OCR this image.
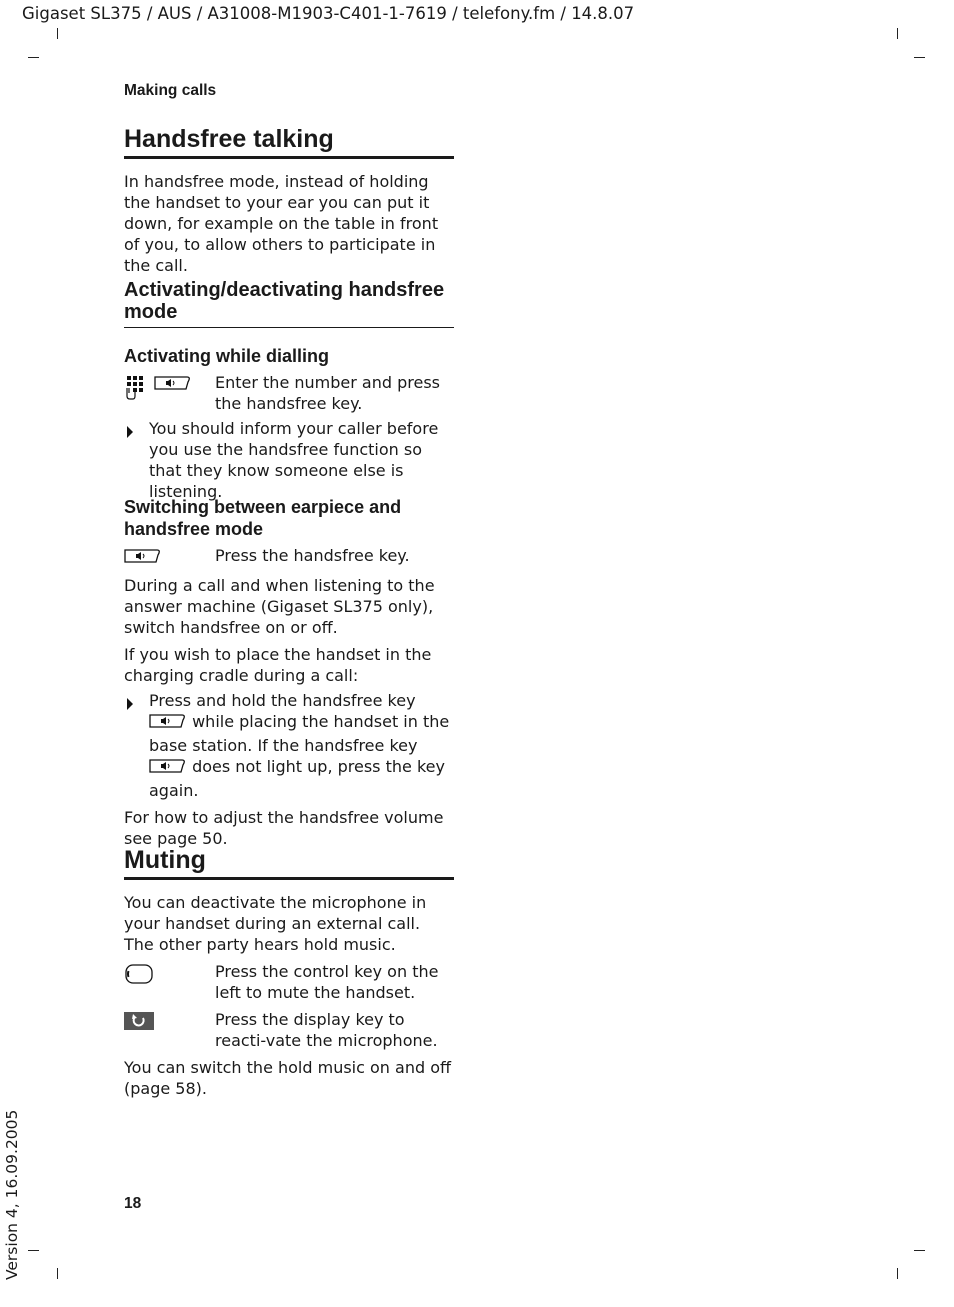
Gigaset SL375 / AUS / A31008-M1903-C401-1-7619 / telefony.fm / 14.8.07
Version 4, 16.09.2005
Making calls
Handsfree talking

In handsfree mode, instead of holding the handset to your ear you can put it down, for example on the table in front of you, to allow others to participate in the call.

Activating/deactivating handsfree mode
Activating while dialling

Enter the number and press the handsfree key.

You should inform your caller before you use the handsfree function so that they know someone else is listening.

Switching between earpiece and handsfree mode

Press the handsfree key.

During a call and when listening to the answer machine (Gigaset SL375 only), switch handsfree on or off.

If you wish to place the handset in the charging cradle during a call:

Press and hold the handsfree key  while placing the handset in the base station. If the handsfree key  does not light up, press the key again.

For how to adjust the handsfree volume see page 50.

Muting

You can deactivate the microphone in your handset during an external call. The other party hears hold music.

Press the control key on the left to mute the handset.

Press the display key to reacti-vate the microphone.

You can switch the hold music on and off (page 58).

18
